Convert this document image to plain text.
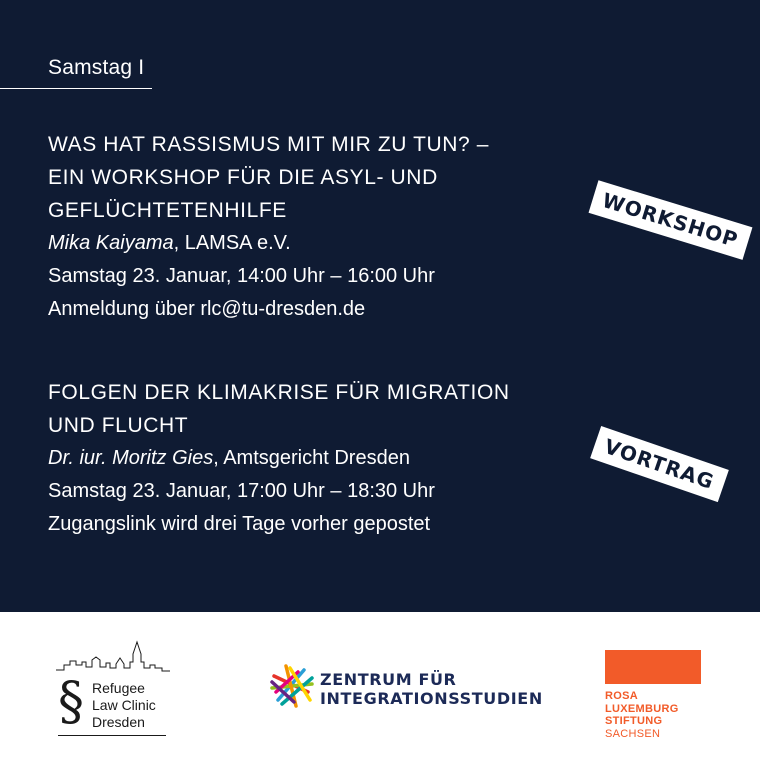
Samstag I
WAS HAT RASSISMUS MIT MIR ZU TUN? –
EIN WORKSHOP FÜR DIE ASYL- UND
GEFLÜCHTETENHILFE
Mika Kaiyama, LAMSA e.V.
Samstag 23. Januar, 14:00 Uhr – 16:00 Uhr
Anmeldung über rlc@tu-dresden.de
FOLGEN DER KLIMAKRISE FÜR MIGRATION
UND FLUCHT
Dr. iur. Moritz Gies, Amtsgericht Dresden
Samstag 23. Januar, 17:00 Uhr – 18:30 Uhr
Zugangslink wird drei Tage vorher gepostet
WORKSHOP
VORTRAG
§ Refugee
Law Clinic
Dresden
ZENTRUM FÜR
INTEGRATIONSSTUDIEN	ROSA
LUXEMBURG
STIFTUNG
SACHSEN
